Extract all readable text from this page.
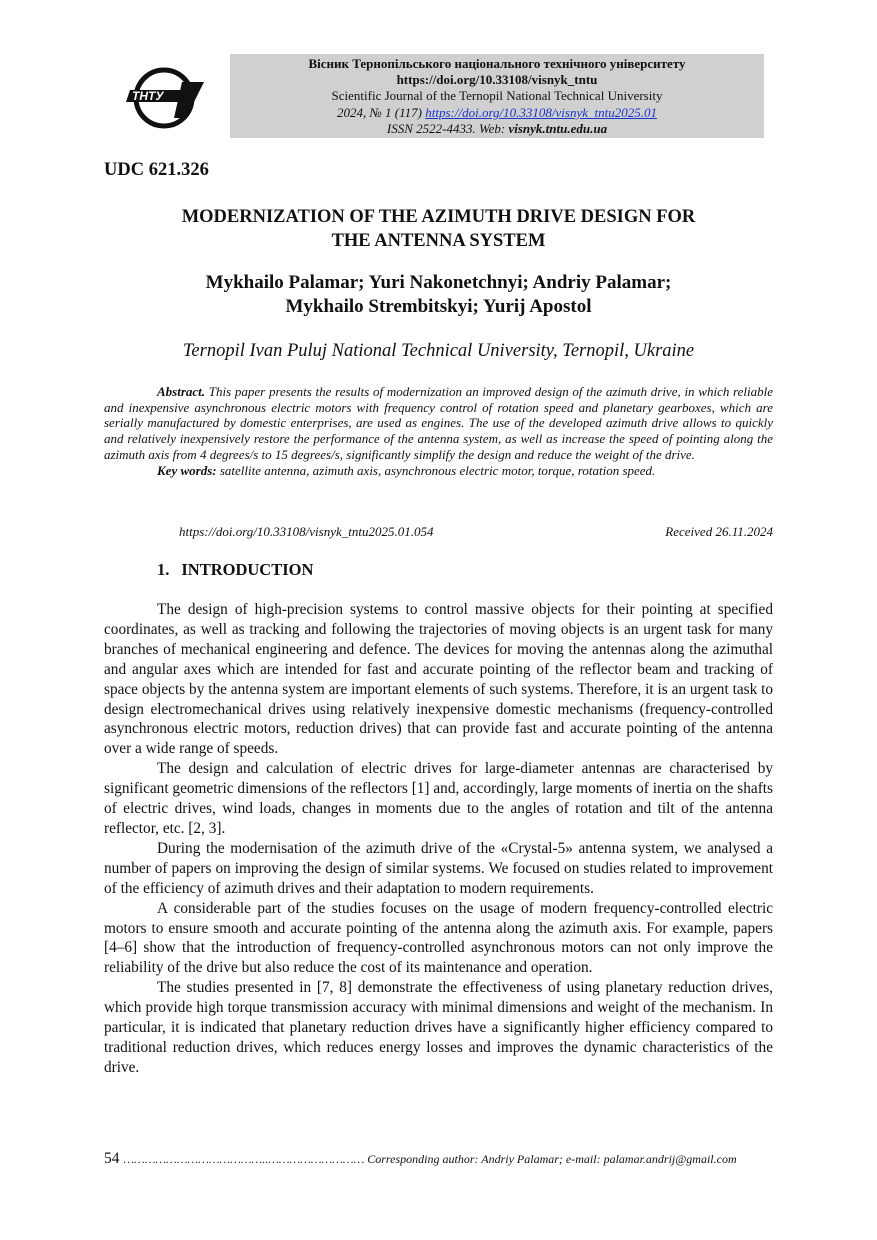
ТНТУ
Вісник Тернопільського національного технічного університету
https://doi.org/10.33108/visnyk_tntu
Scientific Journal of the Ternopil National Technical University
2024, № 1 (117) https://doi.org/10.33108/visnyk_tntu2025.01
ISSN 2522-4433. Web: visnyk.tntu.edu.ua
UDC 621.326
MODERNIZATION OF THE AZIMUTH DRIVE DESIGN FOR
THE ANTENNA SYSTEM
Mykhailo Palamar; Yuri Nakonetchnyi; Andriy Palamar;
Mykhailo Strembitskyi; Yurij Apostol
Ternopil Ivan Puluj National Technical University, Ternopil, Ukraine

Abstract. This paper presents the results of modernization an improved design of the azimuth drive, in which reliable and inexpensive asynchronous electric motors with frequency control of rotation speed and planetary gearboxes, which are serially manufactured by domestic enterprises, are used as engines. The use of the developed azimuth drive allows to quickly and relatively inexpensively restore the performance of the antenna system, as well as increase the speed of pointing along the azimuth axis from 4 degrees/s to 15 degrees/s, significantly simplify the design and reduce the weight of the drive.

Key words: satellite antenna, azimuth axis, asynchronous electric motor, torque, rotation speed.

https://doi.org/10.33108/visnyk_tntu2025.01.054	Received 26.11.2024
1. INTRODUCTION

The design of high-precision systems to control massive objects for their pointing at specified coordinates, as well as tracking and following the trajectories of moving objects is an urgent task for many branches of mechanical engineering and defence. The devices for moving the antennas along the azimuthal and angular axes which are intended for fast and accurate pointing of the reflector beam and tracking of space objects by the antenna system are important elements of such systems. Therefore, it is an urgent task to design electromechanical drives using relatively inexpensive domestic mechanisms (frequency-controlled asynchronous electric motors, reduction drives) that can provide fast and accurate pointing of the antenna over a wide range of speeds.

The design and calculation of electric drives for large-diameter antennas are characterised by significant geometric dimensions of the reflectors [1] and, accordingly, large moments of inertia on the shafts of electric drives, wind loads, changes in moments due to the angles of rotation and tilt of the antenna reflector, etc. [2, 3].

During the modernisation of the azimuth drive of the «Crystal-5» antenna system, we analysed a number of papers on improving the design of similar systems. We focused on studies related to improvement of the efficiency of azimuth drives and their adaptation to modern requirements.

A considerable part of the studies focuses on the usage of modern frequency-controlled electric motors to ensure smooth and accurate pointing of the antenna along the azimuth axis. For example, papers [4–6] show that the introduction of frequency-controlled asynchronous motors can not only improve the reliability of the drive but also reduce the cost of its maintenance and operation.

The studies presented in [7, 8] demonstrate the effectiveness of using planetary reduction drives, which provide high torque transmission accuracy with minimal dimensions and weight of the mechanism. In particular, it is indicated that planetary reduction drives have a significantly higher efficiency compared to traditional reduction drives, which reduces energy losses and improves the dynamic characteristics of the drive.

54 …………………………………..……………………… Corresponding author: Andriy Palamar; e-mail: palamar.andrij@gmail.com
